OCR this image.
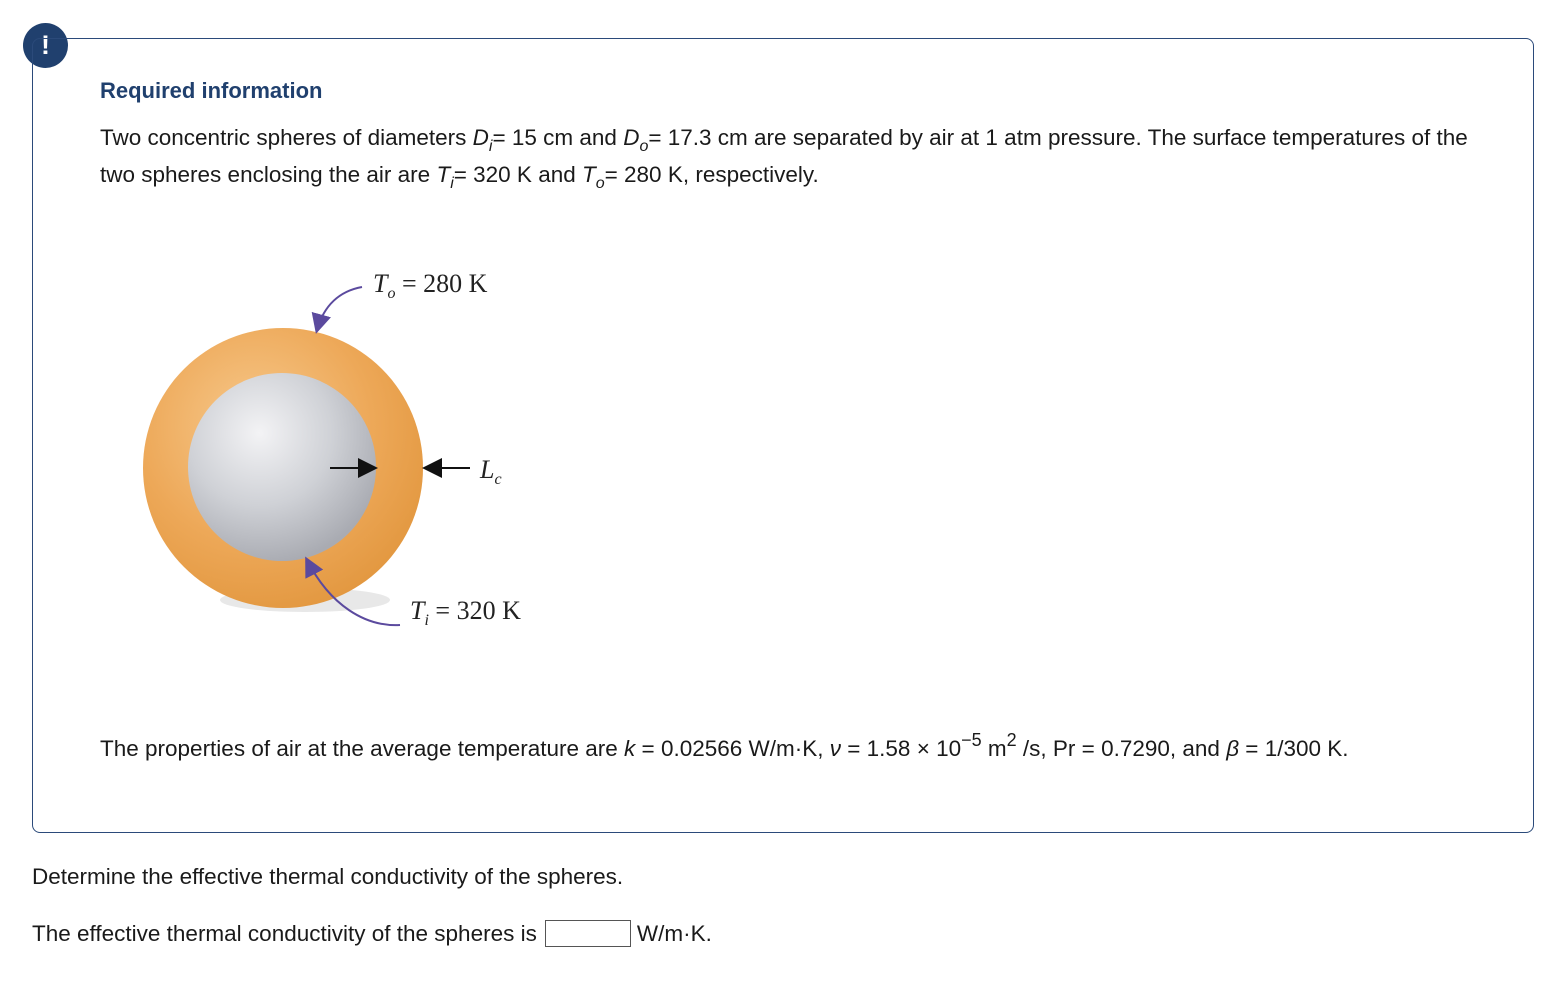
!
Required information
Two concentric spheres of diameters $D_i= 15$ cm and $D_o= 17.3$ cm are separated by air at 1 atm pressure. The surface temperatures of the two spheres enclosing the air are $T_i= 320$ K and $T_o= 280$ K, respectively.
$T_o = 280$ K
$T_i = 320$ K
$L_c$
The properties of air at the average temperature are k = 0.02566 W/m·K, $\nu = 1.58 \times 10^{-5}$ $m^2$ /s, Pr = 0.7290, and β = 1/300 K.
Determine the effective thermal conductivity of the spheres.
The effective thermal conductivity of the spheres is	W/m·K.
